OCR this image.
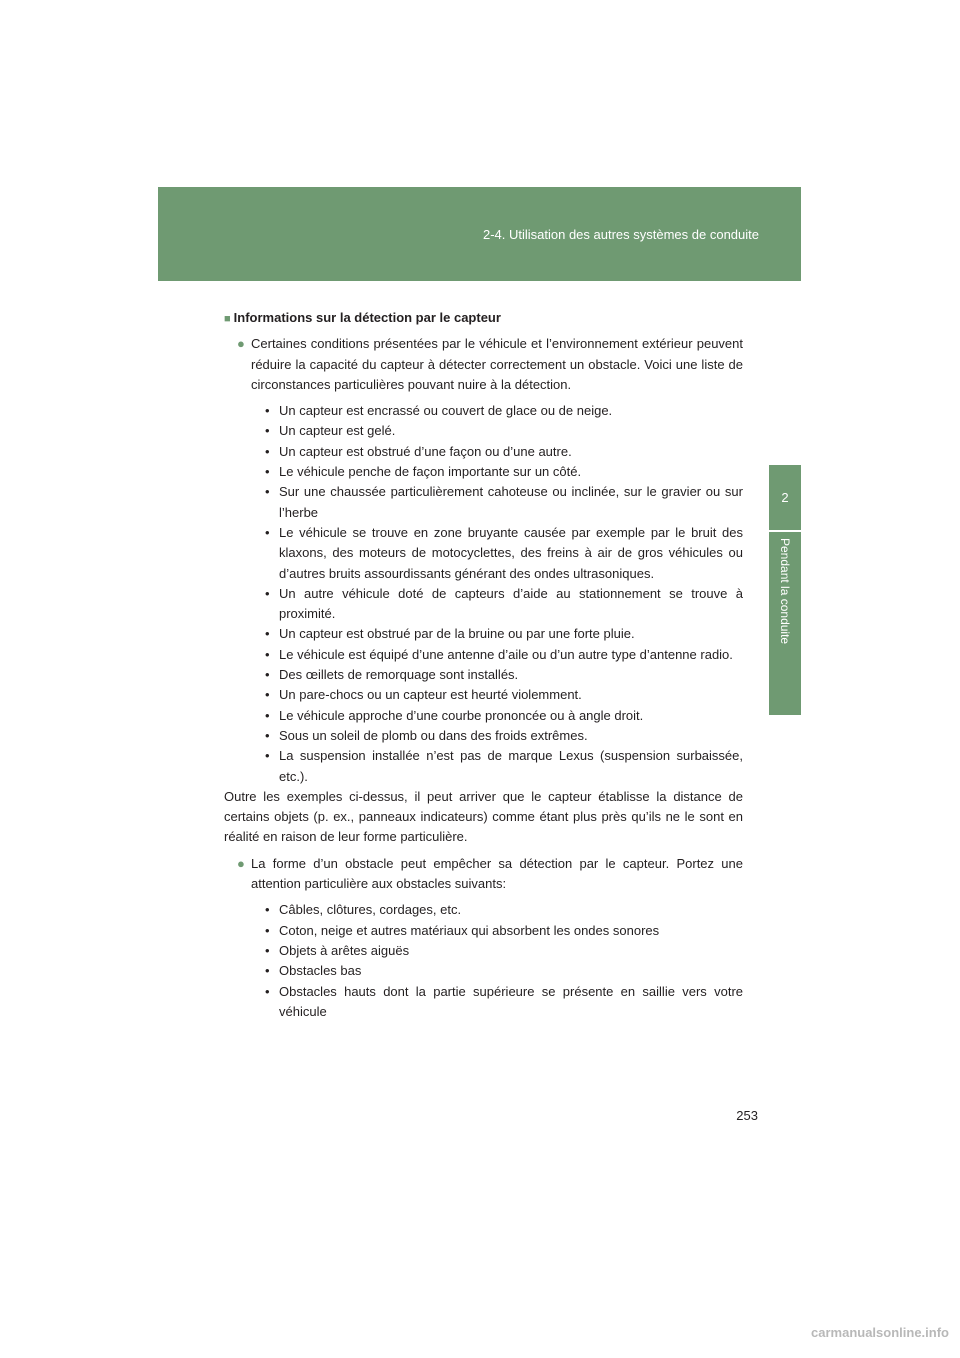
2-4. Utilisation des autres systèmes de conduite
2
Pendant la conduite
■ Informations sur la détection par le capteur
● Certaines conditions présentées par le véhicule et l’environnement extérieur peuvent réduire la capacité du capteur à détecter correctement un obstacle. Voici une liste de circonstances particulières pouvant nuire à la détection.
• Un capteur est encrassé ou couvert de glace ou de neige.
• Un capteur est gelé.
• Un capteur est obstrué d’une façon ou d’une autre.
• Le véhicule penche de façon importante sur un côté.
• Sur une chaussée particulièrement cahoteuse ou inclinée, sur le gravier ou sur l’herbe
• Le véhicule se trouve en zone bruyante causée par exemple par le bruit des klaxons, des moteurs de motocyclettes, des freins à air de gros véhicules ou d’autres bruits assourdissants générant des ondes ultrasoniques.
• Un autre véhicule doté de capteurs d’aide au stationnement se trouve à proximité.
• Un capteur est obstrué par de la bruine ou par une forte pluie.
• Le véhicule est équipé d’une antenne d’aile ou d’un autre type d’antenne radio.
• Des œillets de remorquage sont installés.
• Un pare-chocs ou un capteur est heurté violemment.
• Le véhicule approche d’une courbe prononcée ou à angle droit.
• Sous un soleil de plomb ou dans des froids extrêmes.
• La suspension installée n’est pas de marque Lexus (suspension surbaissée, etc.).
Outre les exemples ci-dessus, il peut arriver que le capteur établisse la distance de certains objets (p. ex., panneaux indicateurs) comme étant plus près qu’ils ne le sont en réalité en raison de leur forme particulière.
● La forme d’un obstacle peut empêcher sa détection par le capteur. Portez une attention particulière aux obstacles suivants:
• Câbles, clôtures, cordages, etc.
• Coton, neige et autres matériaux qui absorbent les ondes sonores
• Objets à arêtes aiguës
• Obstacles bas
• Obstacles hauts dont la partie supérieure se présente en saillie vers votre véhicule
253
carmanualsonline.info
